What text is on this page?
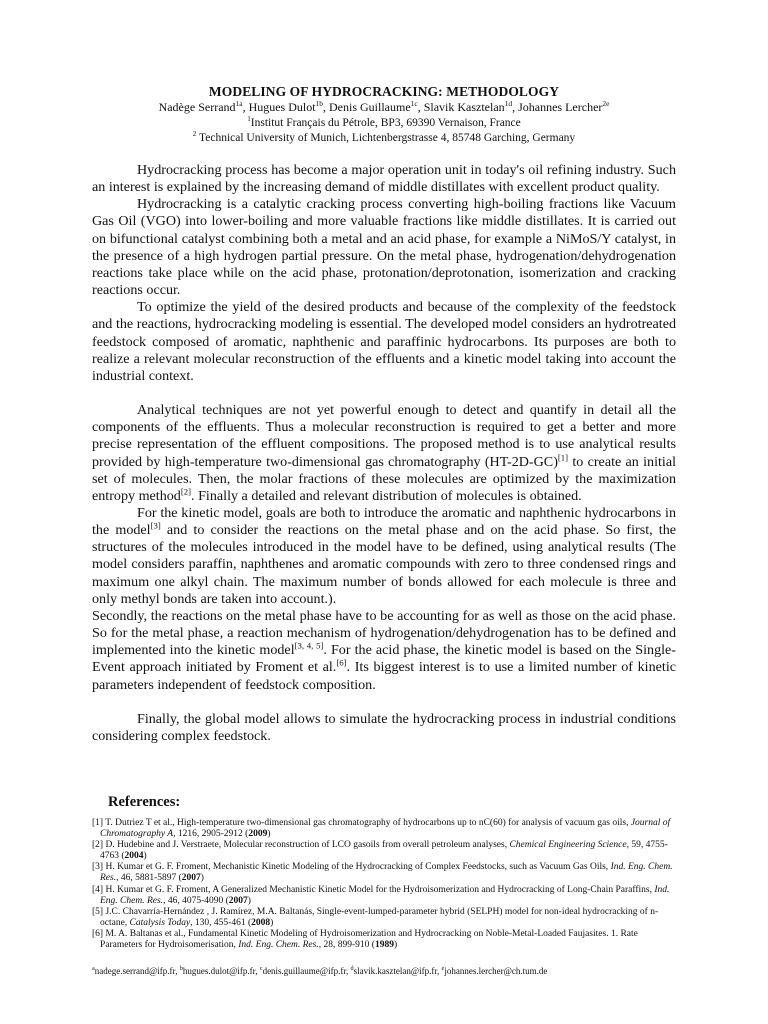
MODELING OF HYDROCRACKING: METHODOLOGY
Nadège Serrand$^{1a}$, Hugues Dulot$^{1b}$, Denis Guillaume$^{1c}$, Slavik Kasztelan$^{1d}$, Johannes Lercher$^{2e}$
$^1$Institut Français du Pétrole, BP3, 69390 Vernaison, France
$^2$ Technical University of Munich, Lichtenbergstrasse 4, 85748 Garching, Germany

Hydrocracking process has become a major operation unit in today's oil refining industry. Such an interest is explained by the increasing demand of middle distillates with excellent product quality.

Hydrocracking is a catalytic cracking process converting high-boiling fractions like Vacuum Gas Oil (VGO) into lower-boiling and more valuable fractions like middle distillates. It is carried out on bifunctional catalyst combining both a metal and an acid phase, for example a NiMoS/Y catalyst, in the presence of a high hydrogen partial pressure. On the metal phase, hydrogenation/dehydrogenation reactions take place while on the acid phase, protonation/deprotonation, isomerization and cracking reactions occur.

To optimize the yield of the desired products and because of the complexity of the feedstock and the reactions, hydrocracking modeling is essential. The developed model considers an hydrotreated feedstock composed of aromatic, naphthenic and paraffinic hydrocarbons. Its purposes are both to realize a relevant molecular reconstruction of the effluents and a kinetic model taking into account the industrial context.

Analytical techniques are not yet powerful enough to detect and quantify in detail all the components of the effluents. Thus a molecular reconstruction is required to get a better and more precise representation of the effluent compositions. The proposed method is to use analytical results provided by high-temperature two-dimensional gas chromatography (HT-2D-GC)[1] to create an initial set of molecules. Then, the molar fractions of these molecules are optimized by the maximization entropy method[2]. Finally a detailed and relevant distribution of molecules is obtained.

For the kinetic model, goals are both to introduce the aromatic and naphthenic hydrocarbons in the model[3] and to consider the reactions on the metal phase and on the acid phase. So first, the structures of the molecules introduced in the model have to be defined, using analytical results (The model considers paraffin, naphthenes and aromatic compounds with zero to three condensed rings and maximum one alkyl chain. The maximum number of bonds allowed for each molecule is three and only methyl bonds are taken into account.).

Secondly, the reactions on the metal phase have to be accounting for as well as those on the acid phase. So for the metal phase, a reaction mechanism of hydrogenation/dehydrogenation has to be defined and implemented into the kinetic model[3, 4, 5]. For the acid phase, the kinetic model is based on the Single-Event approach initiated by Froment et al.[6]. Its biggest interest is to use a limited number of kinetic parameters independent of feedstock composition.

Finally, the global model allows to simulate the hydrocracking process in industrial conditions considering complex feedstock.

References:
[1] T. Dutriez T et al., High-temperature two-dimensional gas chromatography of hydrocarbons up to nC(60) for analysis of vacuum gas oils, Journal of Chromatography A, 1216, 2905-2912 (2009)
[2] D. Hudebine and J. Verstraete, Molecular reconstruction of LCO gasoils from overall petroleum analyses, Chemical Engineering Science, 59, 4755-4763 (2004)
[3] H. Kumar et G. F. Froment, Mechanistic Kinetic Modeling of the Hydrocracking of Complex Feedstocks, such as Vacuum Gas Oils, Ind. Eng. Chem. Res., 46, 5881-5897 (2007)
[4] H. Kumar et G. F. Froment, A Generalized Mechanistic Kinetic Model for the Hydroisomerization and Hydrocracking of Long-Chain Paraffins, Ind. Eng. Chem. Res., 46, 4075-4090 (2007)
[5] J.C. Chavarría-Hernández , J. Ramírez, M.A. Baltanás, Single-event-lumped-parameter hybrid (SELPH) model for non-ideal hydrocracking of n-octane, Catalysis Today, 130, 455-461 (2008)
[6] M. A. Baltanas et al., Fundamental Kinetic Modeling of Hydroisomerization and Hydrocracking on Noble-Metal-Loaded Faujasites. 1. Rate Parameters for Hydroisomerisation, Ind. Eng. Chem. Res., 28, 899-910 (1989)
$^a$nadege.serrand@ifp.fr, $^b$hugues.dulot@ifp.fr, $^c$denis.guillaume@ifp.fr, $^d$slavik.kasztelan@ifp.fr, $^e$johannes.lercher@ch.tum.de
